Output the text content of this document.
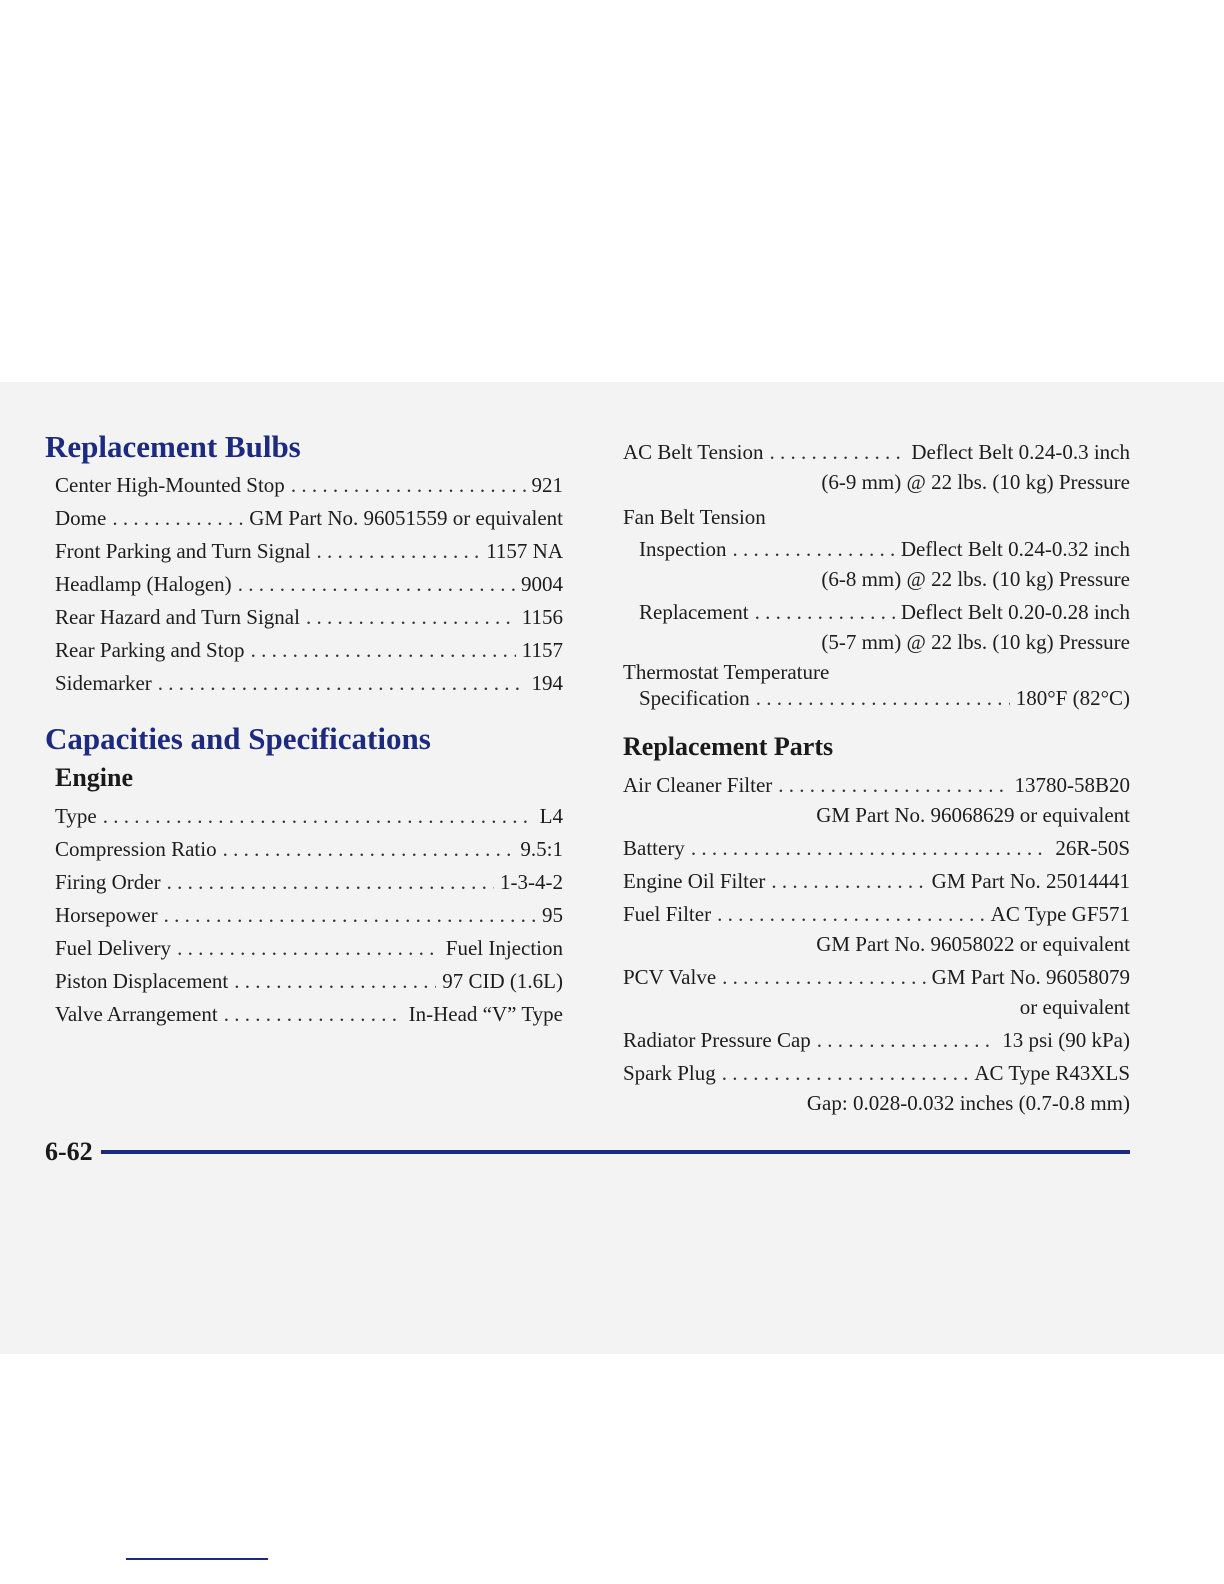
Replacement Bulbs
Center High-Mounted Stop . . .	921
Dome . . .	GM Part No. 96051559 or equivalent
Front Parking and Turn Signal . . .	1157 NA
Headlamp (Halogen) . . .	9004
Rear Hazard and Turn Signal . . .	1156
Rear Parking and Stop . . .	1157
Sidemarker . . .	194
Capacities and Specifications
Engine
Type . . .	L4
Compression Ratio . . .	9.5:1
Firing Order . . .	1-3-4-2
Horsepower . . .	95
Fuel Delivery . . .	Fuel Injection
Piston Displacement . . .	97 CID (1.6L)
Valve Arrangement . . .	In-Head “V” Type
AC Belt Tension . . .	Deflect Belt 0.24-0.3 inch
(6-9 mm) @ 22 lbs. (10 kg) Pressure
Fan Belt Tension
Inspection . . .	Deflect Belt 0.24-0.32 inch
(6-8 mm) @ 22 lbs. (10 kg) Pressure
Replacement . . .	Deflect Belt 0.20-0.28 inch
(5-7 mm) @ 22 lbs. (10 kg) Pressure
Thermostat Temperature
Specification . . .	180°F (82°C)
Replacement Parts
Air Cleaner Filter . . .	13780-58B20
GM Part No. 96068629 or equivalent
Battery . . .	26R-50S
Engine Oil Filter . . .	GM Part No. 25014441
Fuel Filter . . .	AC Type GF571
GM Part No. 96058022 or equivalent
PCV Valve . . .	GM Part No. 96058079
or equivalent
Radiator Pressure Cap . . .	13 psi (90 kPa)
Spark Plug . . .	AC Type R43XLS
Gap: 0.028-0.032 inches (0.7-0.8 mm)
6-62
